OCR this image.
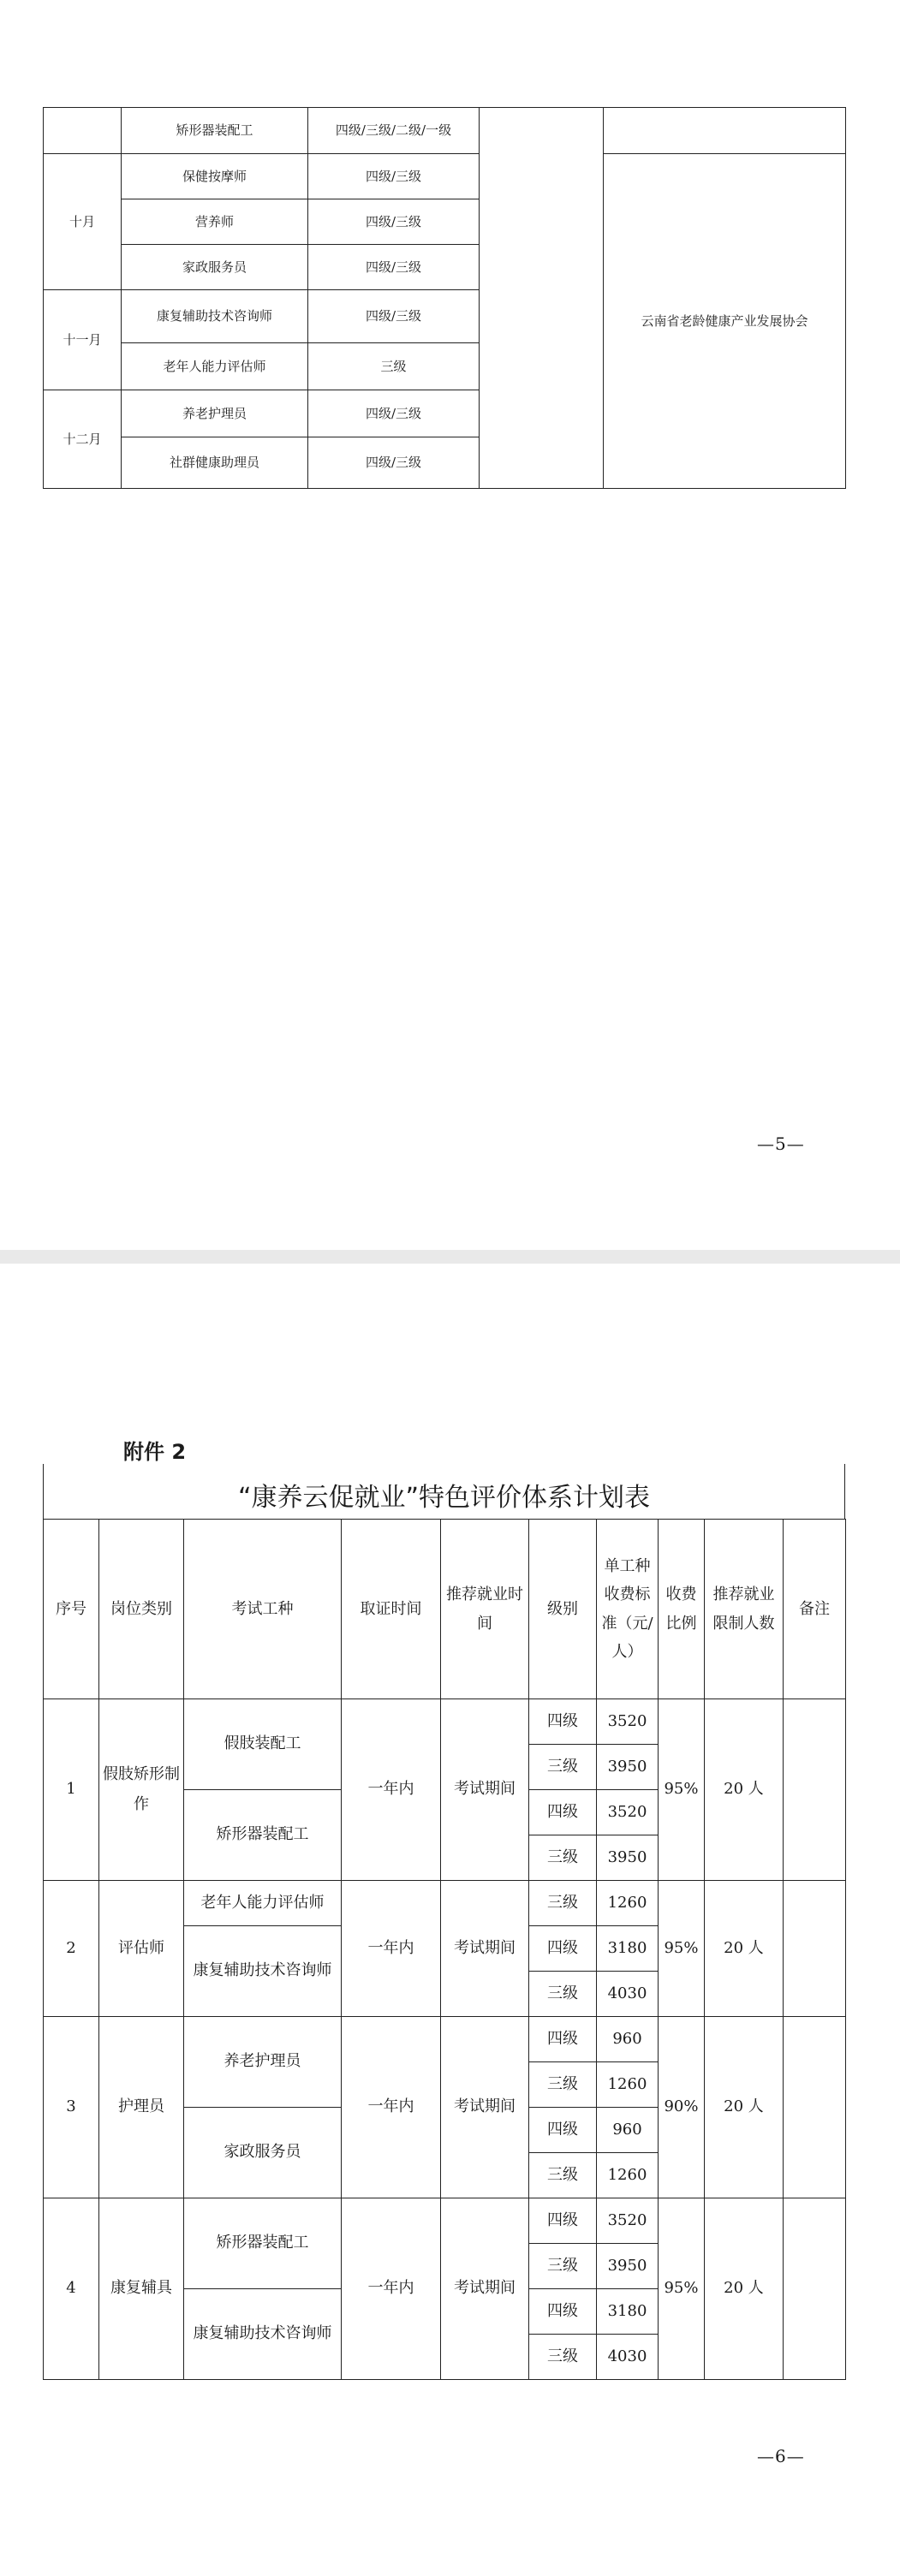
	矫形器装配工	四级/三级/二级/一级		
十月	保健按摩师	四级/三级		云南省老龄健康产业发展协会
	营养师	四级/三级		
	家政服务员	四级/三级		
十一月	康复辅助技术咨询师	四级/三级		
	老年人能力评估师	三级		
十二月	养老护理员	四级/三级		
	社群健康助理员	四级/三级		
—5—
附件 2
“康养云促就业”特色评价体系计划表
序号	岗位类别	考试工种	取证时间	推荐就业时间	级别	单工种收费标准（元/人）	收费比例	推荐就业限制人数	备注
1	假肢矫形制作	假肢装配工	一年内	考试期间	四级	3520	95%	20 人	
					三级	3950			
		矫形器装配工			四级	3520			
					三级	3950			
2	评估师	老年人能力评估师	一年内	考试期间	三级	1260	95%	20 人	
		康复辅助技术咨询师			四级	3180			
					三级	4030			
3	护理员	养老护理员	一年内	考试期间	四级	960	90%	20 人	
					三级	1260			
		家政服务员			四级	960			
					三级	1260			
4	康复辅具	矫形器装配工	一年内	考试期间	四级	3520	95%	20 人	
					三级	3950			
		康复辅助技术咨询师			四级	3180			
					三级	4030			
—6—
